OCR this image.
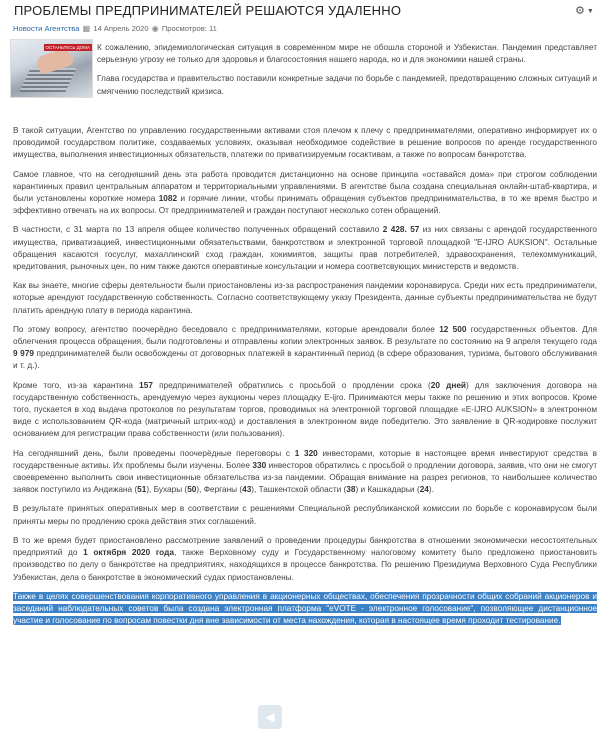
ПРОБЛЕМЫ ПРЕДПРИНИМАТЕЛЕЙ РЕШАЮТСЯ УДАЛЕННО	⚙ ▼
Новости Агентства ▦ 14 Апрель 2020 ◉ Просмотров: 11
ОСТАНЬТЕСЬ ДОМА К сожалению, эпидемиологическая ситуация в современном мире не обошла стороной и Узбекистан. Пандемия представляет серьезную угрозу не только для здоровья и благосостояния нашего народа, но и для экономики нашей страны.

Глава государства и правительство поставили конкретные задачи по борьбе с пандемией, предотвращению сложных ситуаций и смягчению последствий кризиса.

В такой ситуации, Агентство по управлению государственными активами стоя плечом к плечу с предпринимателями, оперативно информирует их о проводимой государством политике, создаваемых условиях, оказывая необходимое содействие в решение вопросов по аренде государственного имущества, выполнения инвестиционных обязательств, платежи по приватизируемым госактивам, а также по вопросам банкротства.

Самое главное, что на сегодняшний день эта работа проводится дистанционно на основе принципа «оставайся дома» при строгом соблюдении карантинных правил центральным аппаратом и территориальными управлениями. В агентстве была создана специальная онлайн-штаб-квартира, и были установлены короткие номера 1082 и горячие линии, чтобы принимать обращения субъектов предпринимательства, в то же время быстро и эффективно отвечать на их вопросы. От предпринимателей и граждан поступают несколько сотен обращений.

В частности, с 31 марта по 13 апреля общее количество полученных обращений составило 2 428. 57 из них связаны с арендой государственного имущества, приватизацией, инвестиционными обязательствами, банкротством и электронной торговой площадкой "E-IJRO AUKSION". Остальные обращения касаются госуслуг, махаллинский сход граждан, хокимиятов, защиты прав потребителей, здравоохранения, телекоммуникаций, кредитования, рыночных цен, по ним также даются операвтиные консультации и номера соответсвующих министерств и ведомств.

Как вы знаете, многие сферы деятельности были приостановлены из-за распространения пандемии коронавируса. Среди них есть предприниматели, которые арендуют государственную собственность. Согласно соответствующему указу Президента, данные субъекты предпринимательства не будут платить арендную плату в периода карантина.

По этому вопросу, агентство поочерёдно беседовало с предпринимателями, которые арендовали более 12 500 государственных объектов. Для облегчения процесса обращения, были подготовлены и отправлены копии электронных заявок. В результате по состоянию на 9 апреля текущего года 9 979 предпринимателей были освобождены от договорных платежей в карантинный период (в сфере образования, туризма, бытового обслуживания и т. д.).

Кроме того, из-за карантина 157 предпринимателей обратились с просьбой о продлении срока (20 дней) для заключения договора на государственную собственность, арендуемую через аукционы через площадку E-ijro. Принимаются меры также по решению и этих вопросов. Кроме того, пускается в ход выдача протоколов по результатам торгов, проводимых на электронной торговой площадке «E-IJRO AUKSION» в электронном виде с использованием QR-кода (матричный штрих-код) и доставления в электронном виде победителю. Это заявление в QR-кодировке послужит основанием для регистрации права собственности (или пользования).

На сегодняшний день, были проведены поочерёдные переговоры с 1 320 инвесторами, которые в настоящее время инвестируют средства в государственные активы. Их проблемы были изучены. Более 330 инвесторов обратились с просьбой о продлении договора, заявив, что они не смогут своевременно выполнить свои инвестиционные обязательства из-за пандемии. Обращая внимание на разрез регионов, то наибольшее количество заявок поступило из Андижана (51), Бухары (50), Ферганы (43), Ташкентской области (38) и Кашкадарьи (24).

В результате принятых оперативных мер в соответствии с решениями Специальной республиканской комиссии по борьбе с коронавирусом были приняты меры по продлению срока действия этих соглашений.

В то же время будет приостановлено рассмотрение заявлений о проведении процедуры банкротства в отношении экономически несостоятельных предприятий до 1 октября 2020 года, также Верховному суду и Государственному налоговому комитету было предложено приостановить производство по делу о банкротстве на предприятиях, находящихся в процессе банкротства. По решению Президиума Верховного Суда Республики Узбекистан, дела о банкротстве в экономический судах приостановлены.

Также в целях совершенствования корпоративного управления в акционерных обществах, обеспечения прозрачности общих собраний акционеров и заседаний наблюдательных советов была создана электронная платформа "eVOTE - электронное голосование", позволяющее дистанционное участие и голосование по вопросам повестки дня вне зависимости от места нахождения, которая в настоящее время проходит тестирование.

◀
